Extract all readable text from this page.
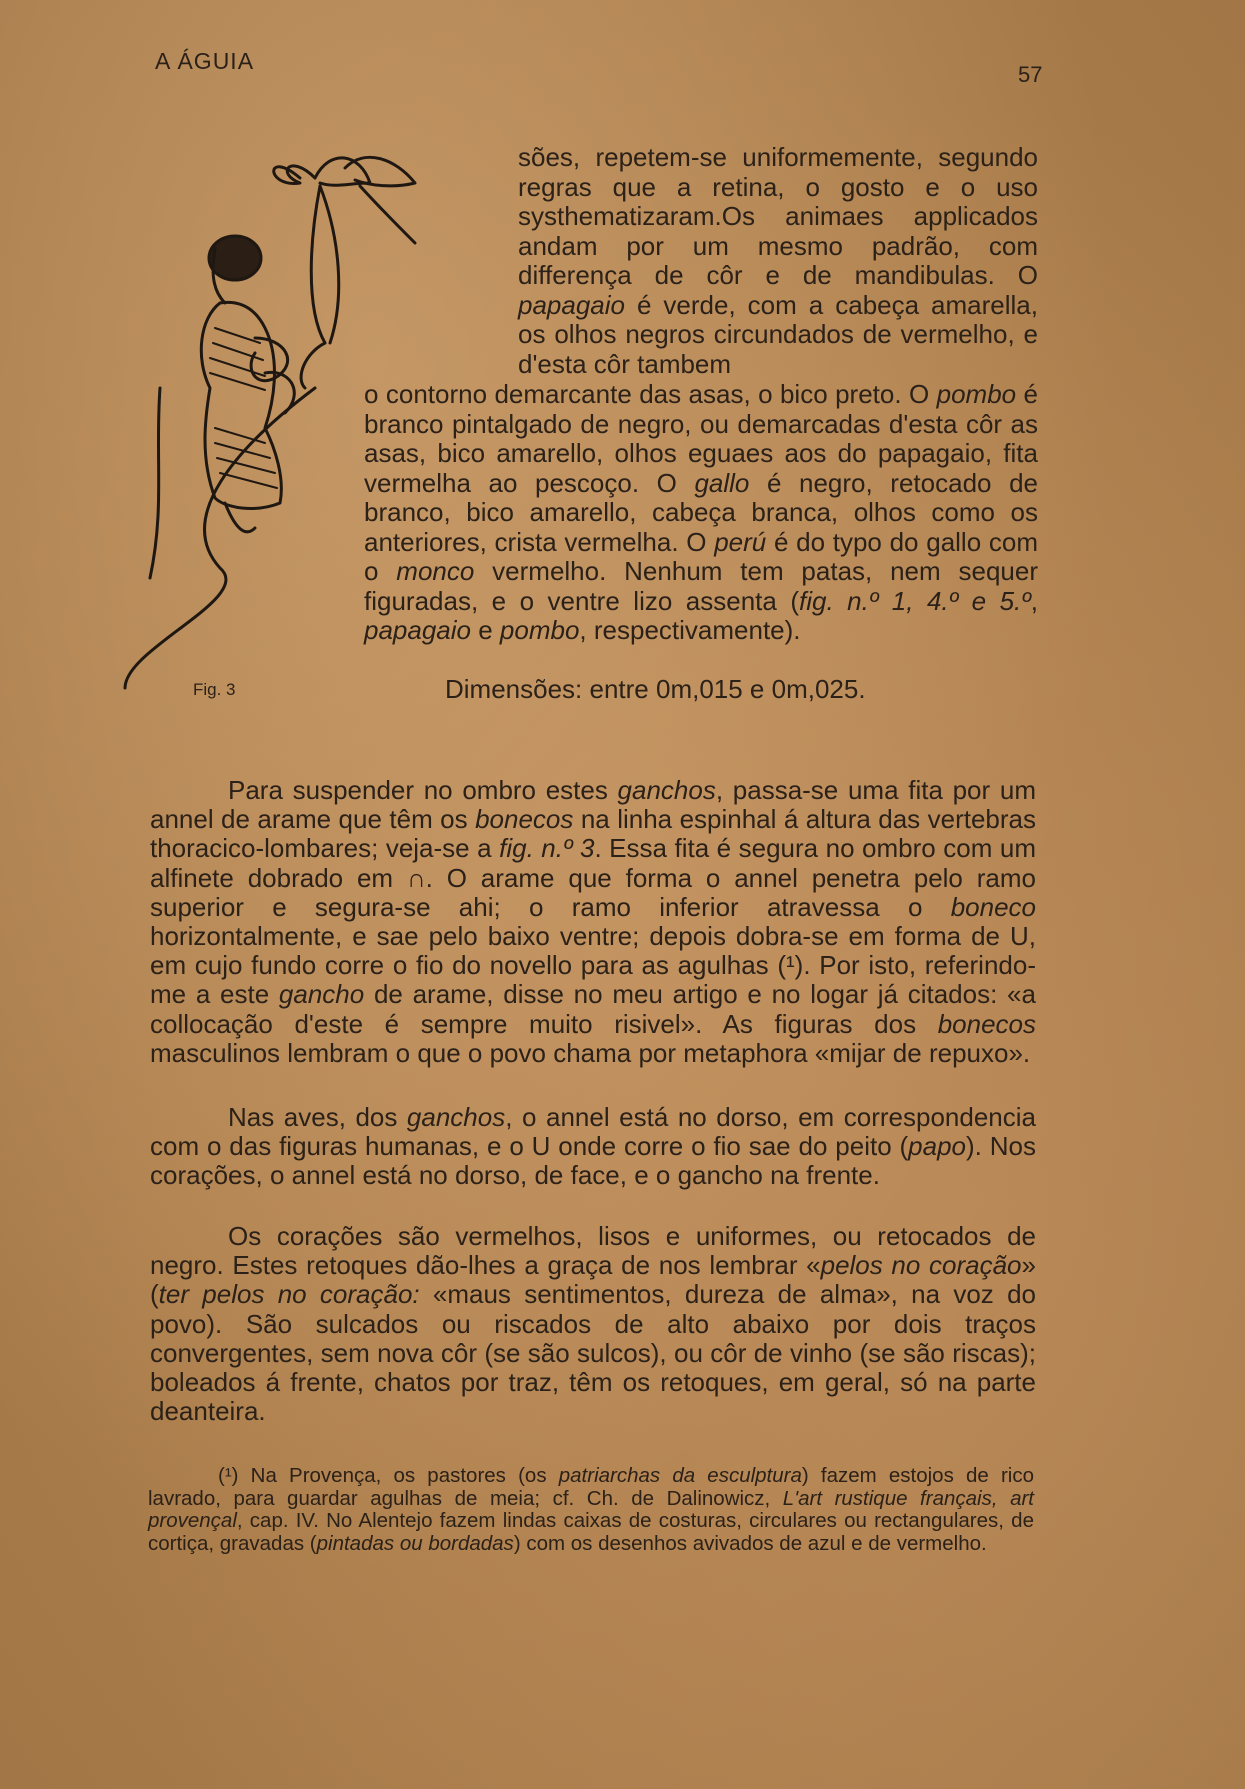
A ÁGUIA
57
Fig. 3

sões, repetem-se uniformemente, segundo regras que a retina, o gosto e o uso systhematizaram.Os animaes applicados andam por um mesmo padrão, com differença de côr e de mandibulas. O papagaio é verde, com a cabeça amarella, os olhos negros circundados de vermelho, e d'esta côr tambem

o contorno demarcante das asas, o bico preto. O pombo é branco pintalgado de negro, ou demarcadas d'esta côr as asas, bico amarello, olhos eguaes aos do papagaio, fita vermelha ao pescoço. O gallo é negro, retocado de branco, bico amarello, cabeça branca, olhos como os anteriores, crista vermelha. O perú é do typo do gallo com o monco vermelho. Nenhum tem patas, nem sequer figuradas, e o ventre lizo assenta (fig. n.º 1, 4.º e 5.º, papagaio e pombo, respectivamente).

Dimensões: entre 0m,015 e 0m,025.

Para suspender no ombro estes ganchos, passa-se uma fita por um annel de arame que têm os bonecos na linha espinhal á altura das vertebras thoracico-lombares; veja-se a fig. n.º 3. Essa fita é segura no ombro com um alfinete dobrado em ∩. O arame que forma o annel penetra pelo ramo superior e segura-se ahi; o ramo inferior atravessa o boneco horizontalmente, e sae pelo baixo ventre; depois dobra-se em forma de U, em cujo fundo corre o fio do novello para as agulhas (¹). Por isto, referindo-me a este gancho de arame, disse no meu artigo e no logar já citados: «a collocação d'este é sempre muito risivel». As figuras dos bonecos masculinos lembram o que o povo chama por metaphora «mijar de repuxo».

Nas aves, dos ganchos, o annel está no dorso, em correspondencia com o das figuras humanas, e o U onde corre o fio sae do peito (papo). Nos corações, o annel está no dorso, de face, e o gancho na frente.

Os corações são vermelhos, lisos e uniformes, ou retocados de negro. Estes retoques dão-lhes a graça de nos lembrar «pelos no coração» (ter pelos no coração: «maus sentimentos, dureza de alma», na voz do povo). São sulcados ou riscados de alto abaixo por dois traços convergentes, sem nova côr (se são sulcos), ou côr de vinho (se são riscas); boleados á frente, chatos por traz, têm os retoques, em geral, só na parte deanteira.

(¹) Na Provença, os pastores (os patriarchas da esculptura) fazem estojos de rico lavrado, para guardar agulhas de meia; cf. Ch. de Dalinowicz, L'art rustique français, art provençal, cap. IV. No Alentejo fazem lindas caixas de costuras, circulares ou rectangulares, de cortiça, gravadas (pintadas ou bordadas) com os desenhos avivados de azul e de vermelho.
